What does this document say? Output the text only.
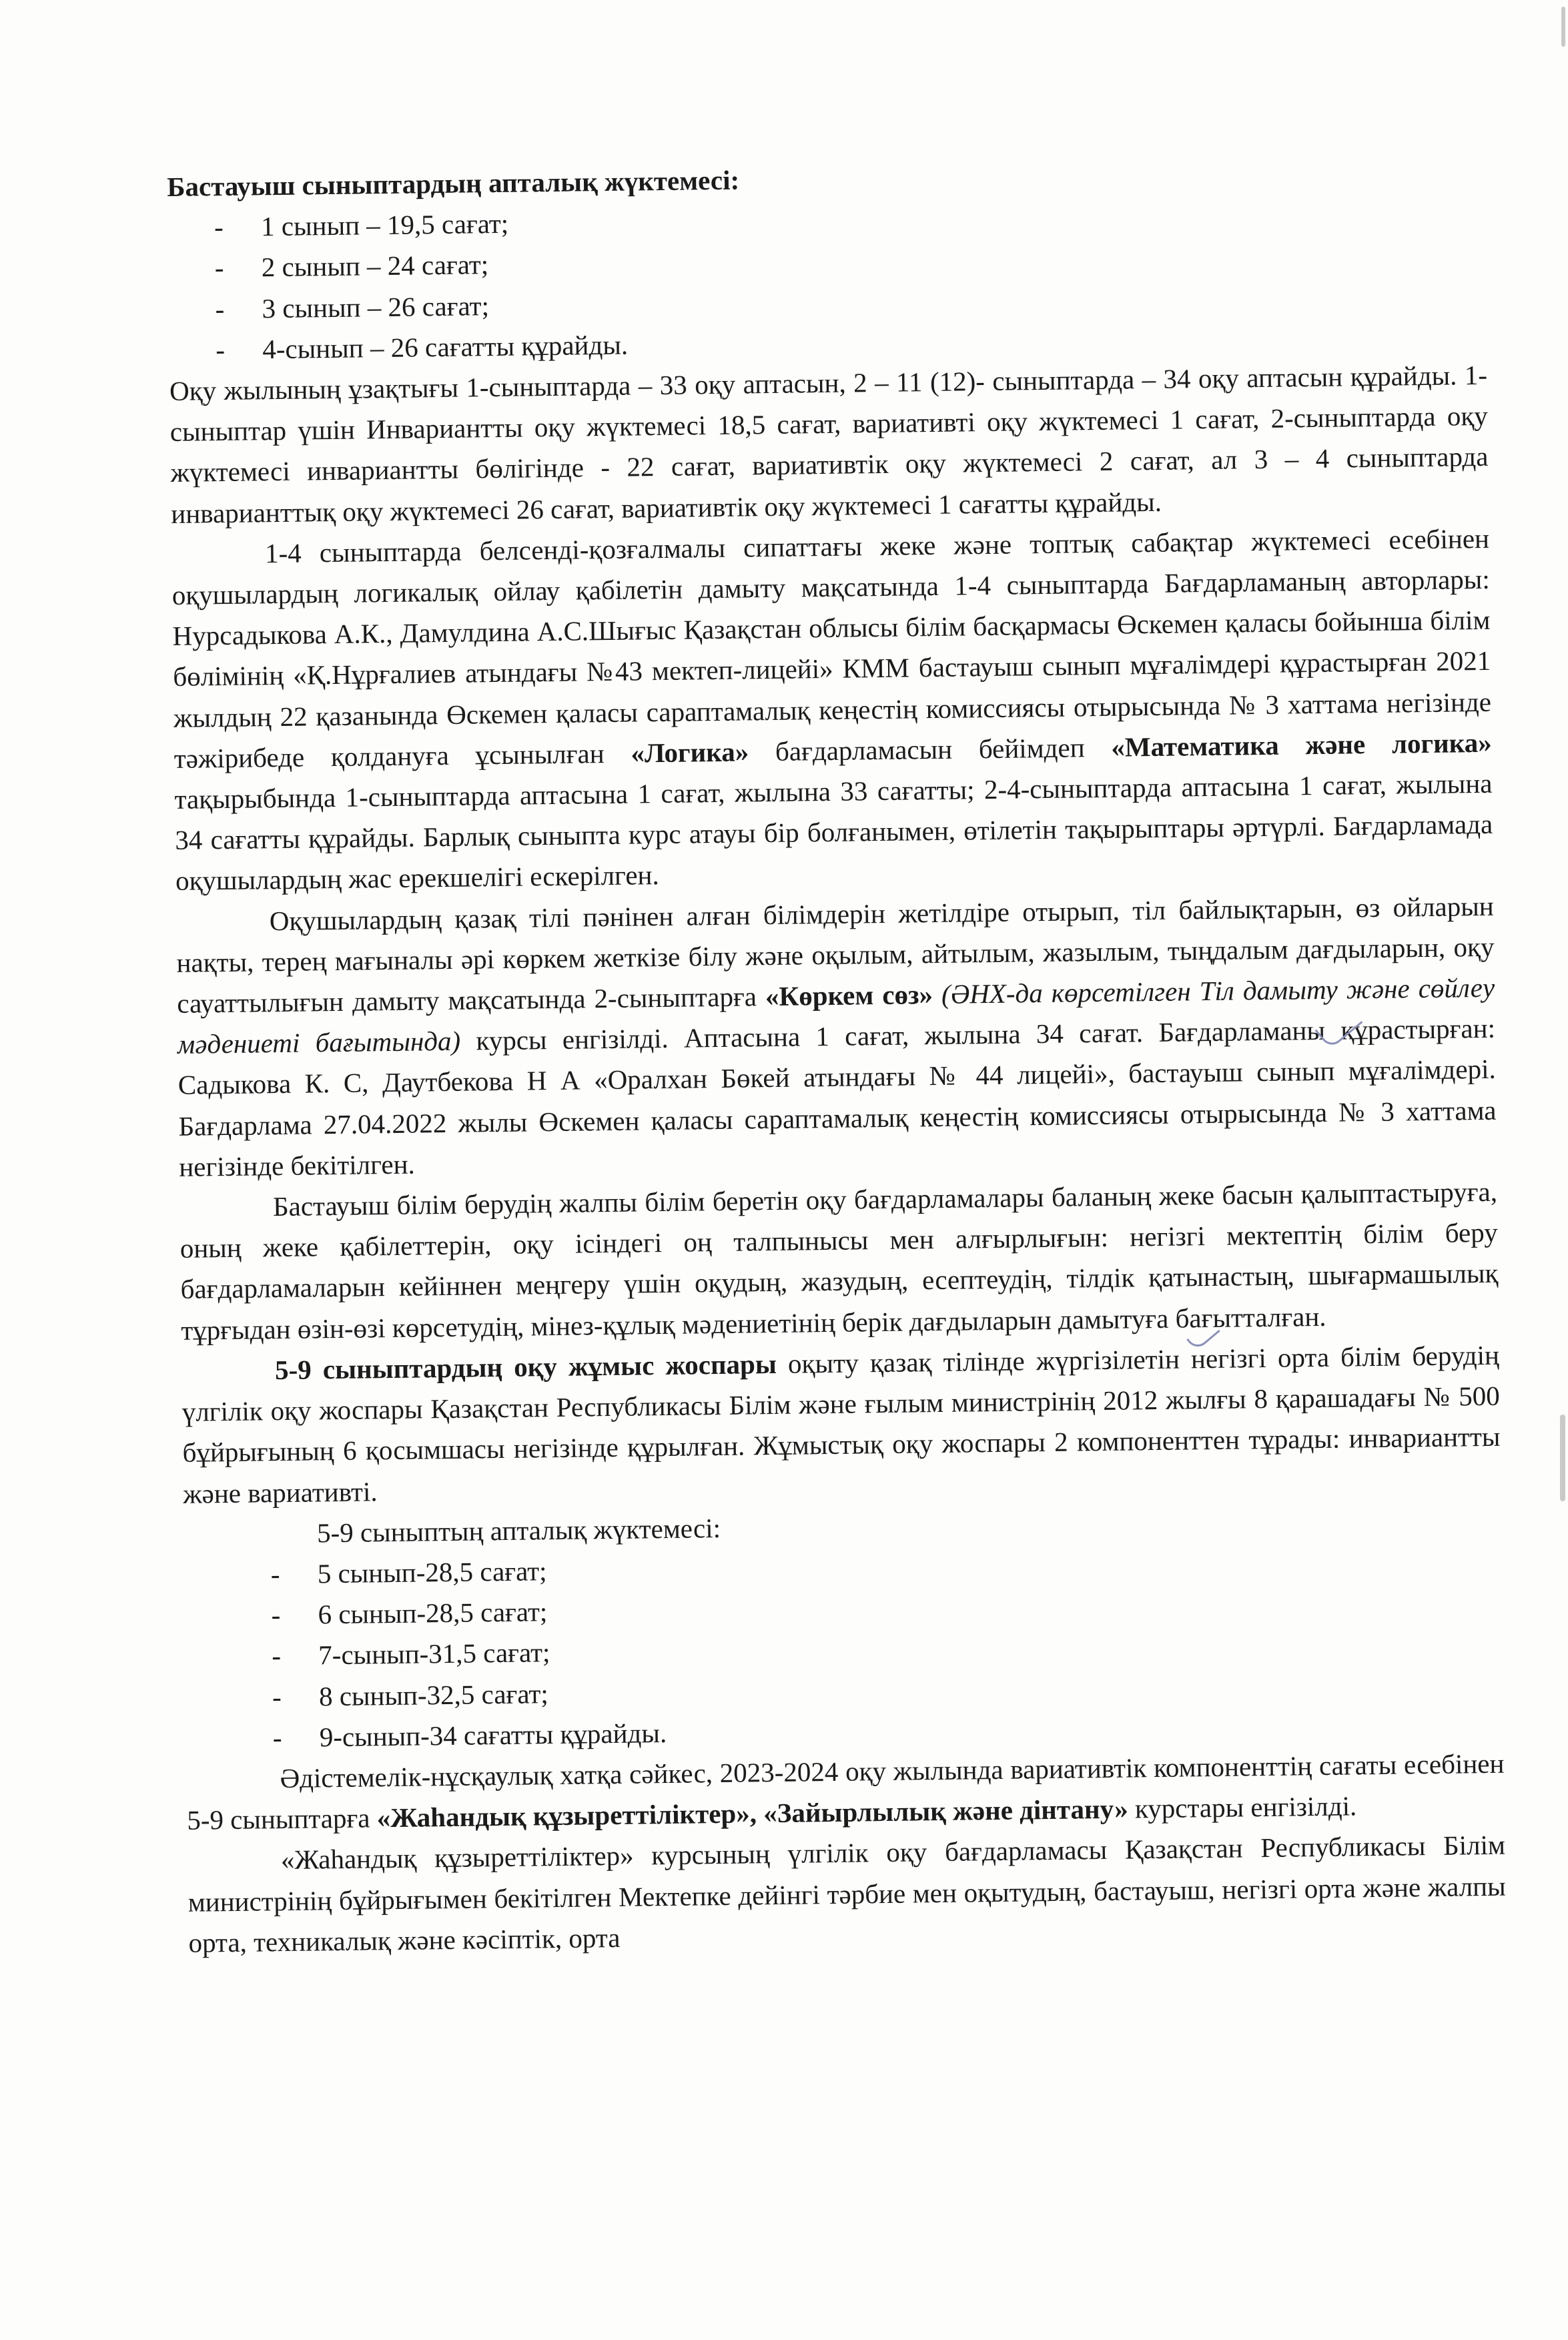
Бастауыш сыныптардың апталық жүктемесі:

- 1 сынып – 19,5 сағат;
- 2 сынып – 24 сағат;
- 3 сынып – 26 сағат;
- 4-сынып – 26 сағатты құрайды.

Оқу жылының ұзақтығы 1-сыныптарда – 33 оқу аптасын, 2 – 11 (12)- сыныптарда – 34 оқу аптасын құрайды. 1-сыныптар үшін Инвариантты оқу жүктемесі 18,5 сағат, вариативті оқу жүктемесі 1 сағат, 2-сыныптарда оқу жүктемесі инвариантты бөлігінде - 22 сағат, вариативтік оқу жүктемесі 2 сағат, ал 3 – 4 сыныптарда инварианттық оқу жүктемесі 26 сағат, вариативтік оқу жүктемесі 1 сағатты құрайды.

1-4 сыныптарда белсенді-қозғалмалы сипаттағы жеке және топтық сабақтар жүктемесі есебінен оқушылардың логикалық ойлау қабілетін дамыту мақсатында 1-4 сыныптарда Бағдарламаның авторлары: Нурсадыкова А.К., Дамулдина А.С.Шығыс Қазақстан облысы білім басқармасы Өскемен қаласы бойынша білім бөлімінің «Қ.Нұрғалиев атындағы №43 мектеп-лицейі» КММ бастауыш сынып мұғалімдері құрастырған 2021 жылдың 22 қазанында Өскемен қаласы сараптамалық кеңестің комиссиясы отырысында № 3 хаттама негізінде тәжірибеде қолдануға ұсынылған «Логика» бағдарламасын бейімдеп «Математика және логика» тақырыбында 1-сыныптарда аптасына 1 сағат, жылына 33 сағатты; 2-4-сыныптарда аптасына 1 сағат, жылына 34 сағатты құрайды. Барлық сыныпта курс атауы бір болғанымен, өтілетін тақырыптары әртүрлі. Бағдарламада оқушылардың жас ерекшелігі ескерілген.

Оқушылардың қазақ тілі пәнінен алған білімдерін жетілдіре отырып, тіл байлықтарын, өз ойларын нақты, терең мағыналы әрі көркем жеткізе білу және оқылым, айтылым, жазылым, тыңдалым дағдыларын, оқу сауаттылығын дамыту мақсатында 2-сыныптарға «Көркем сөз» (ӘНХ-да көрсетілген Тіл дамыту және сөйлеу мәдениеті бағытында) курсы енгізілді. Аптасына 1 сағат, жылына 34 сағат. Бағдарламаны құрастырған: Садыкова К. С, Даутбекова Н А «Оралхан Бөкей атындағы № 44 лицейі», бастауыш сынып мұғалімдері. Бағдарлама 27.04.2022 жылы Өскемен қаласы сараптамалық кеңестің комиссиясы отырысында № 3 хаттама негізінде бекітілген.

Бастауыш білім берудің жалпы білім беретін оқу бағдарламалары баланың жеке басын қалыптастыруға, оның жеке қабілеттерін, оқу ісіндегі оң талпынысы мен алғырлығын: негізгі мектептің білім беру бағдарламаларын кейіннен меңгеру үшін оқудың, жазудың, есептеудің, тілдік қатынастың, шығармашылық тұрғыдан өзін-өзі көрсетудің, мінез-құлық мәдениетінің берік дағдыларын дамытуға бағытталған.

5-9 сыныптардың оқу жұмыс жоспары оқыту қазақ тілінде жүргізілетін негізгі орта білім берудің үлгілік оқу жоспары Қазақстан Республикасы Білім және ғылым министрінің 2012 жылғы 8 қарашадағы № 500 бұйрығының 6 қосымшасы негізінде құрылған. Жұмыстық оқу жоспары 2 компоненттен тұрады: инвариантты және вариативті.

5-9 сыныптың апталық жүктемесі:

- 5 сынып-28,5 сағат;
- 6 сынып-28,5 сағат;
- 7-сынып-31,5 сағат;
- 8 сынып-32,5 сағат;
- 9-сынып-34 сағатты құрайды.

Әдістемелік-нұсқаулық хатқа сәйкес, 2023-2024 оқу жылында вариативтік компоненттің сағаты есебінен 5-9 сыныптарға «Жаһандық құзыреттіліктер», «Зайырлылық және дінтану» курстары енгізілді.

«Жаһандық құзыреттіліктер» курсының үлгілік оқу бағдарламасы Қазақстан Республикасы Білім министрінің бұйрығымен бекітілген Мектепке дейінгі тәрбие мен оқытудың, бастауыш, негізгі орта және жалпы орта, техникалық және кәсіптік, орта
